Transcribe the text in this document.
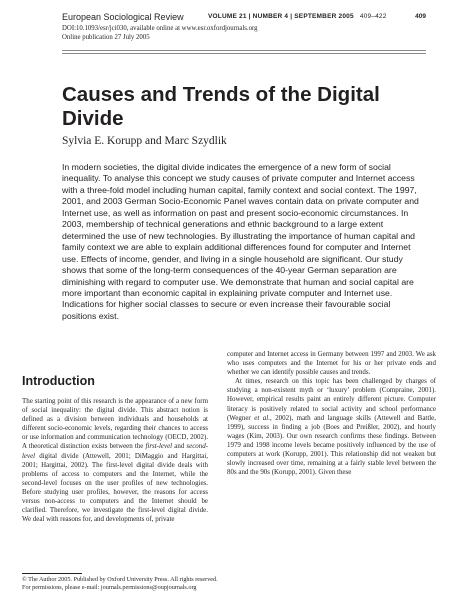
European Sociological Review	VOLUME 21 | NUMBER 4 | SEPTEMBER 2005 409–422	409
DOI:10.1093/esr/jci030, available online at www.esr.oxfordjournals.org
Online publication 27 July 2005
Causes and Trends of the Digital Divide
Sylvia E. Korupp and Marc Szydlik

In modern societies, the digital divide indicates the emergence of a new form of social inequality. To analyse this concept we study causes of private computer and Internet access with a three-fold model including human capital, family context and social context. The 1997, 2001, and 2003 German Socio-Economic Panel waves contain data on private computer and Internet use, as well as information on past and present socio-economic circumstances. In 2003, membership of technical generations and ethnic background to a large extent determined the use of new technologies. By illustrating the importance of human capital and family context we are able to explain additional differences found for computer and Internet use. Effects of income, gender, and living in a single household are significant. Our study shows that some of the long-term consequences of the 40-year German separation are diminishing with regard to computer use. We demonstrate that human and social capital are more important than economic capital in explaining private computer and Internet use. Indications for higher social classes to secure or even increase their favourable social positions exist.

Introduction

The starting point of this research is the appearance of a new form of social inequality: the digital divide. This abstract notion is defined as a division between individuals and households at different socio-economic levels, regarding their chances to access or use information and communication technology (OECD, 2002). A theoretical distinction exists between the first-level and second-level digital divide (Attewell, 2001; DiMaggio and Hargittai, 2001; Hargittai, 2002). The first-level digital divide deals with problems of access to computers and the Internet, while the second-level focuses on the user profiles of new technologies. Before studying user profiles, however, the reasons for access versus non-access to computers and the Internet should be clarified. Therefore, we investigate the first-level digital divide. We deal with reasons for, and developments of, private

computer and Internet access in Germany between 1997 and 2003. We ask who uses computers and the Internet for his or her private ends and whether we can identify possible causes and trends.

At times, research on this topic has been challenged by charges of studying a non-existent myth or ‘luxury’ problem (Compraine, 2001). However, empirical results paint an entirely different picture. Computer literacy is positively related to social activity and school performance (Wegner et al., 2002), math and language skills (Attewell and Battle, 1999), success in finding a job (Boes and Preißler, 2002), and hourly wages (Kim, 2003). Our own research confirms these findings. Between 1979 and 1998 income levels became positively influenced by the use of computers at work (Korupp, 2001). This relationship did not weaken but slowly increased over time, remaining at a fairly stable level between the 80s and the 90s (Korupp, 2001). Given these

© The Author 2005. Published by Oxford University Press. All rights reserved.
For permissions, please e-mail: journals.permissions@oupjournals.org
